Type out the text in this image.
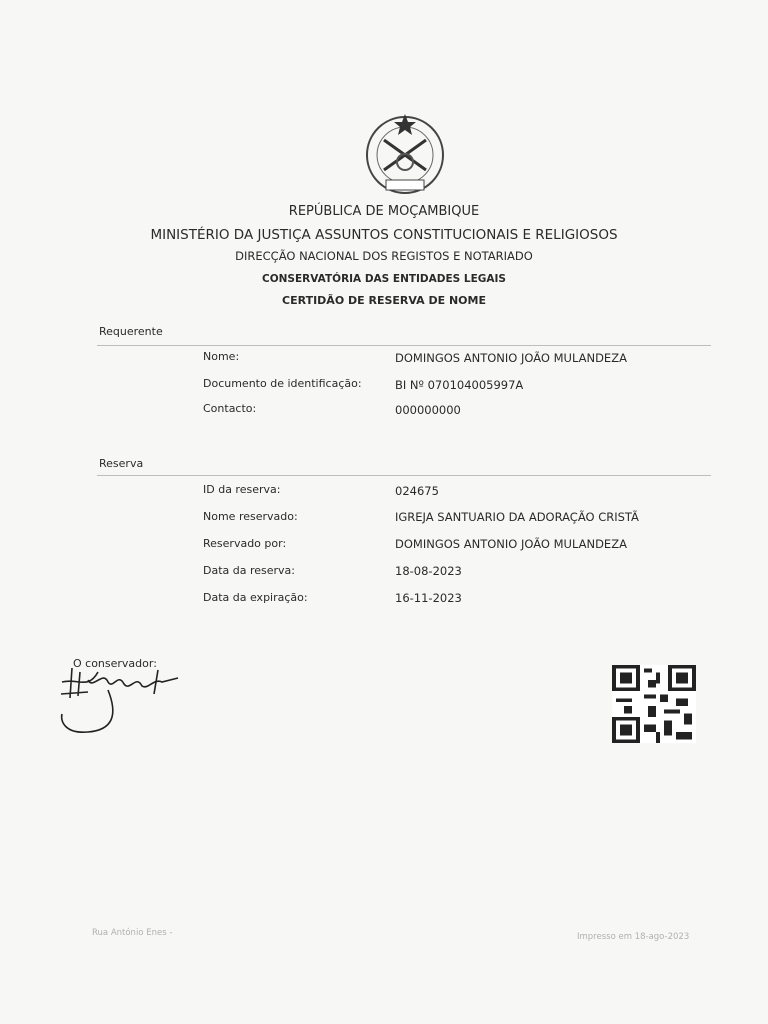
REPÚBLICA DE MOÇAMBIQUE
MINISTÉRIO DA JUSTIÇA ASSUNTOS CONSTITUCIONAIS E RELIGIOSOS
DIRECÇÃO NACIONAL DOS REGISTOS E NOTARIADO
CONSERVATÓRIA DAS ENTIDADES LEGAIS
CERTIDÃO DE RESERVA DE NOME
Requerente
Nome:	DOMINGOS ANTONIO JOÃO MULANDEZA
Documento de identificação:	BI Nº 070104005997A
Contacto:	000000000
Reserva
ID da reserva:	024675
Nome reservado:	IGREJA SANTUARIO DA ADORAÇÃO CRISTÃ
Reservado por:	DOMINGOS ANTONIO JOÃO MULANDEZA
Data da reserva:	18-08-2023
Data da expiração:	16-11-2023
O conservador:
Rua António Enes -	Impresso em 18-ago-2023
